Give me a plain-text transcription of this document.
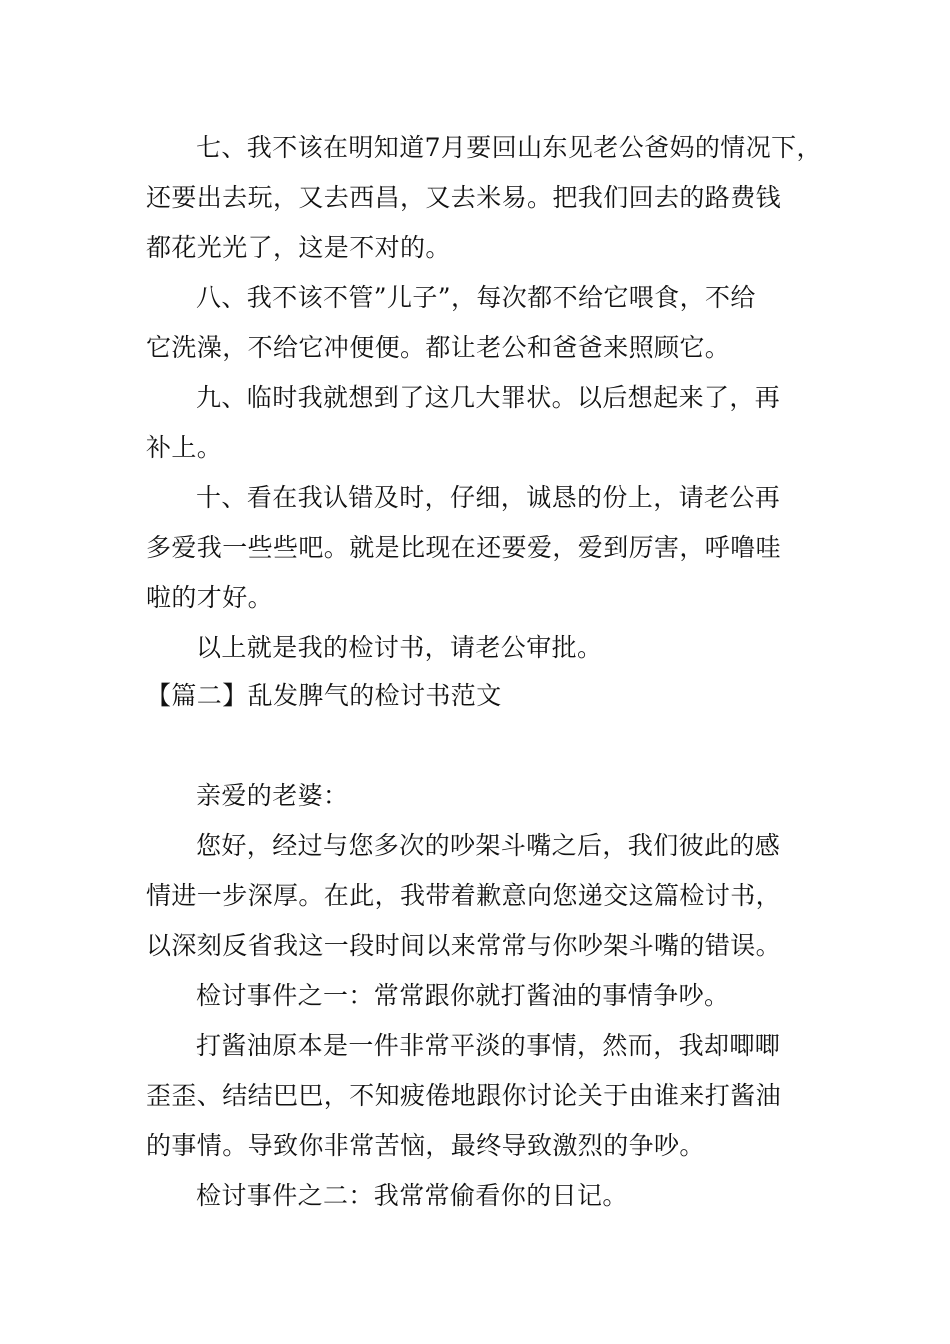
七、我不该在明知道7月要回山东见老公爸妈的情况下，
还要出去玩，又去西昌，又去米易。把我们回去的路费钱
都花光光了，这是不对的。
八、我不该不管”儿子”，每次都不给它喂食，不给
它洗澡，不给它冲便便。都让老公和爸爸来照顾它。
九、临时我就想到了这几大罪状。以后想起来了，再
补上。
十、看在我认错及时，仔细，诚恳的份上，请老公再
多爱我一些些吧。就是比现在还要爱，爱到厉害，呼噜哇
啦的才好。
以上就是我的检讨书，请老公审批。
【篇二】乱发脾气的检讨书范文
亲爱的老婆：
您好，经过与您多次的吵架斗嘴之后，我们彼此的感
情进一步深厚。在此，我带着歉意向您递交这篇检讨书，
以深刻反省我这一段时间以来常常与你吵架斗嘴的错误。
检讨事件之一：常常跟你就打酱油的事情争吵。
打酱油原本是一件非常平淡的事情，然而，我却唧唧
歪歪、结结巴巴，不知疲倦地跟你讨论关于由谁来打酱油
的事情。导致你非常苦恼，最终导致激烈的争吵。
检讨事件之二：我常常偷看你的日记。
